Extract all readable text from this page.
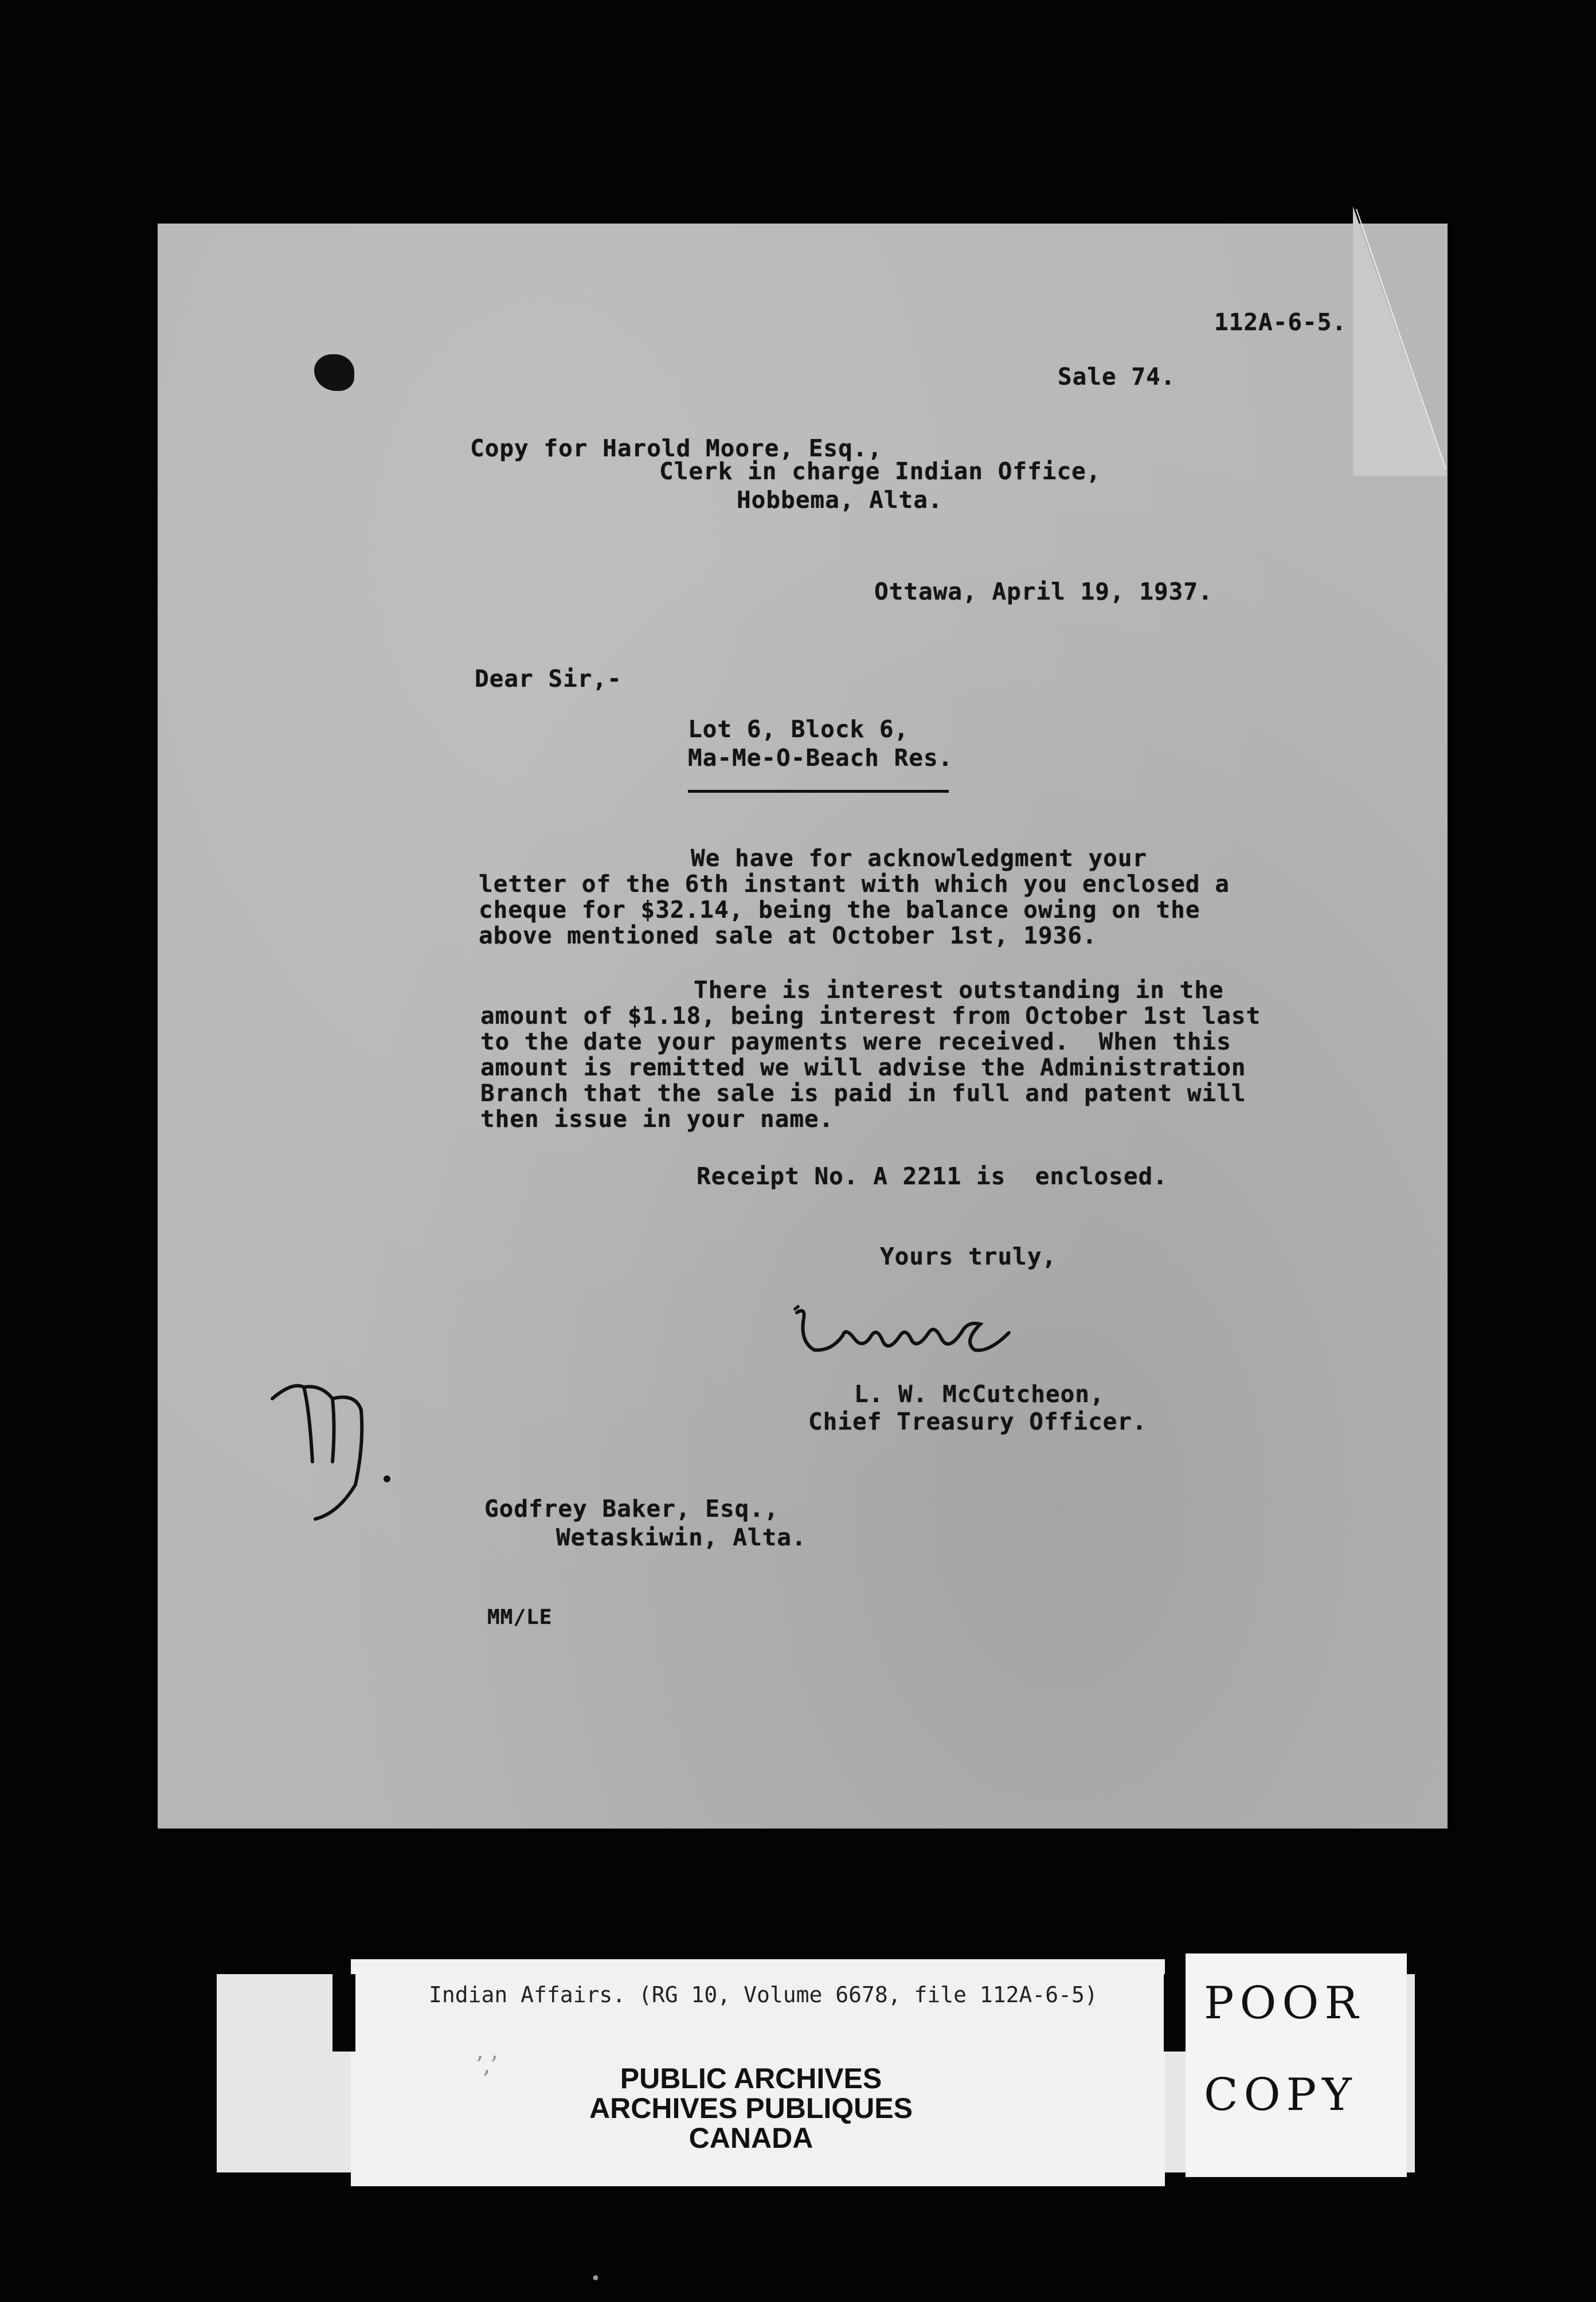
112A-6-5.
Sale 74.
Copy for Harold Moore, Esq.,
Clerk in charge Indian Office,
Hobbema, Alta.
Ottawa, April 19, 1937.
Dear Sir,-
Lot 6, Block 6,
Ma-Me-O-Beach Res.
We have for acknowledgment your
letter of the 6th instant with which you enclosed a
cheque for $32.14, being the balance owing on the
above mentioned sale at October 1st, 1936.
There is interest outstanding in the
amount of $1.18, being interest from October 1st last
to the date your payments were received.  When this
amount is remitted we will advise the Administration
Branch that the sale is paid in full and patent will
then issue in your name.
Receipt No. A 2211 is  enclosed.
Yours truly,
L. W. McCutcheon,
Chief Treasury Officer.
Godfrey Baker, Esq.,
Wetaskiwin, Alta.
MM/LE
Indian Affairs. (RG 10, Volume 6678, file 112A-6-5)
’,’	PUBLIC ARCHIVES
ARCHIVES PUBLIQUES
CANADA
POOR
COPY
•
